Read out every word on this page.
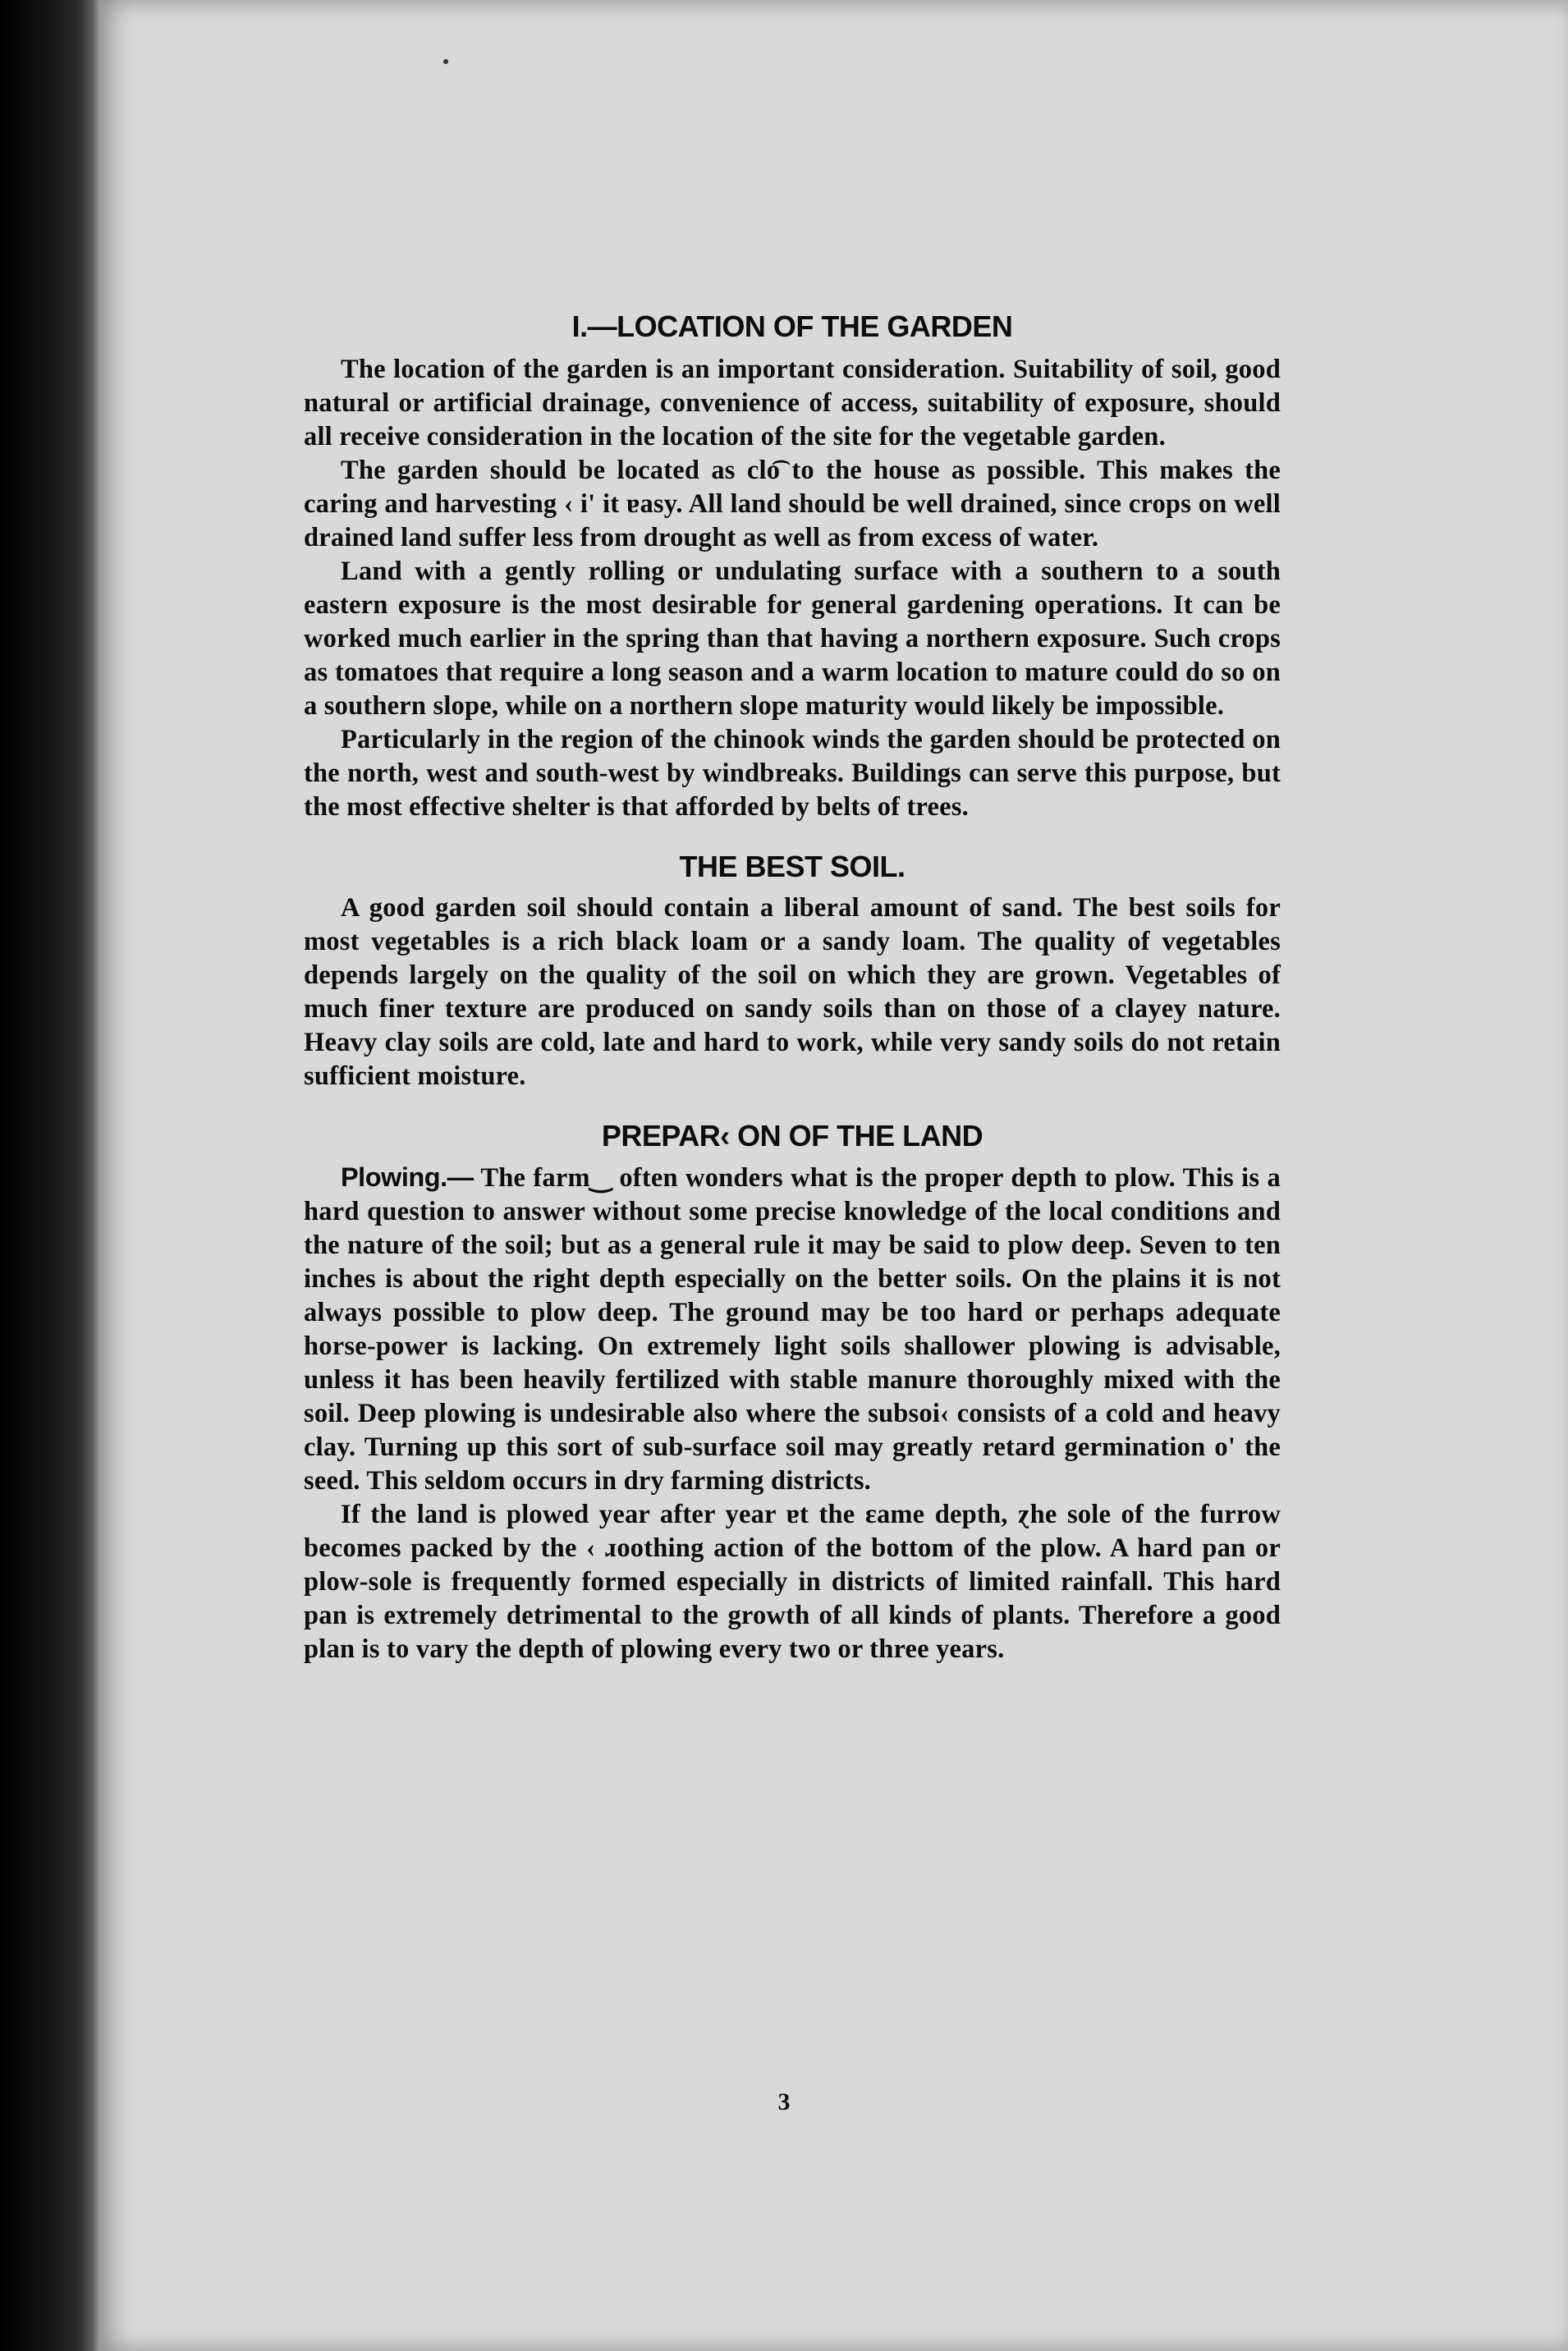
I.—LOCATION OF THE GARDEN

The location of the garden is an important consideration. Suitability of soil, good natural or artificial drainage, convenience of access, suitability of exposure, should all receive consideration in the location of the site for the vegetable garden.

The garden should be located as clo͡͡ to the house as possible. This makes the caring and harvesting ‹ i' it ɐasy. All land should be well drained, since crops on well drained land suffer less from drought as well as from excess of water.

Land with a gently rolling or undulating surface with a southern to a south eastern exposure is the most desirable for general gardening operations. It can be worked much earlier in the spring than that having a northern exposure. Such crops as tomatoes that require a long season and a warm location to mature could do so on a southern slope, while on a northern slope maturity would likely be impossible.

Particularly in the region of the chinook winds the garden should be protected on the north, west and south-west by windbreaks. Buildings can serve this purpose, but the most effective shelter is that afforded by belts of trees.

THE BEST SOIL.

A good garden soil should contain a liberal amount of sand. The best soils for most vegetables is a rich black loam or a sandy loam. The quality of vegetables depends largely on the quality of the soil on which they are grown. Vegetables of much finer texture are produced on sandy soils than on those of a clayey nature. Heavy clay soils are cold, late and hard to work, while very sandy soils do not retain sufficient moisture.

PREPAR‹ ON OF THE LAND

Plowing.— The farm‿ often wonders what is the proper depth to plow. This is a hard question to answer without some precise knowledge of the local conditions and the nature of the soil; but as a general rule it may be said to plow deep. Seven to ten inches is about the right depth especially on the better soils. On the plains it is not always possible to plow deep. The ground may be too hard or perhaps adequate horse-power is lacking. On extremely light soils shallower plowing is advisable, unless it has been heavily fertilized with stable manure thoroughly mixed with the soil. Deep plowing is undesirable also where the subsoi‹ consists of a cold and heavy clay. Turning up this sort of sub-surface soil may greatly retard germination o' the seed. This seldom occurs in dry farming districts.

If the land is plowed year after year ɐt the ɛame depth, ɀhe sole of the furrow becomes packed by the ‹ ɹoothing action of the bottom of the plow. A hard pan or plow-sole is frequently formed especially in districts of limited rainfall. This hard pan is extremely detrimental to the growth of all kinds of plants. Therefore a good plan is to vary the depth of plowing every two or three years.

3
